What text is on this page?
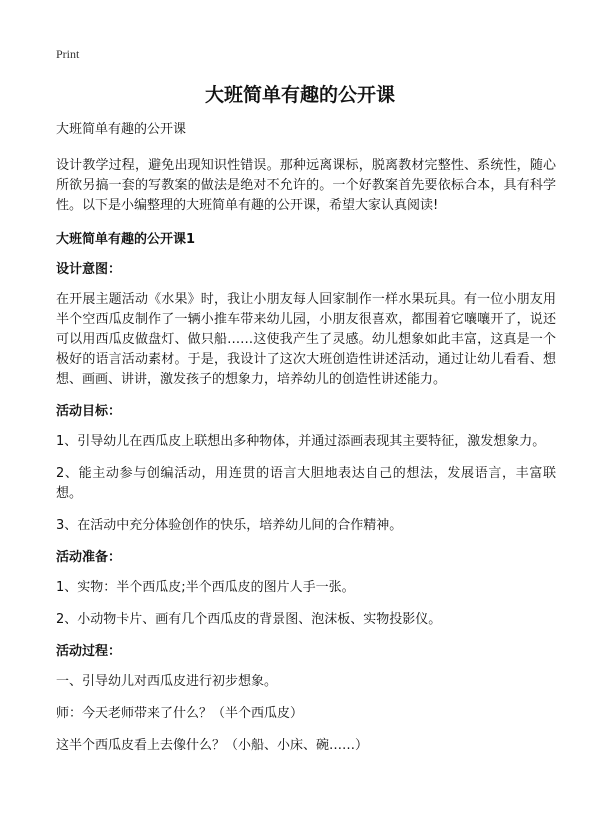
Print
大班简单有趣的公开课
大班简单有趣的公开课

设计教学过程，避免出现知识性错误。那种远离课标，脱离教材完整性、系统性，随心所欲另搞一套的写教案的做法是绝对不允许的。一个好教案首先要依标合本，具有科学性。以下是小编整理的大班简单有趣的公开课，希望大家认真阅读!

大班简单有趣的公开课1
设计意图：

在开展主题活动《水果》时，我让小朋友每人回家制作一样水果玩具。有一位小朋友用半个空西瓜皮制作了一辆小推车带来幼儿园，小朋友很喜欢，都围着它嚷嚷开了，说还可以用西瓜皮做盘灯、做只船……这使我产生了灵感。幼儿想象如此丰富，这真是一个极好的语言活动素材。于是，我设计了这次大班创造性讲述活动，通过让幼儿看看、想想、画画、讲讲，激发孩子的想象力，培养幼儿的创造性讲述能力。

活动目标：

1、引导幼儿在西瓜皮上联想出多种物体，并通过添画表现其主要特征，激发想象力。

2、能主动参与创编活动，用连贯的语言大胆地表达自己的想法，发展语言，丰富联想。

3、在活动中充分体验创作的快乐，培养幼儿间的合作精神。

活动准备：

1、实物：半个西瓜皮;半个西瓜皮的图片人手一张。

2、小动物卡片、画有几个西瓜皮的背景图、泡沫板、实物投影仪。

活动过程：

一、引导幼儿对西瓜皮进行初步想象。

师：今天老师带来了什么？（半个西瓜皮）

这半个西瓜皮看上去像什么？（小船、小床、碗……）
